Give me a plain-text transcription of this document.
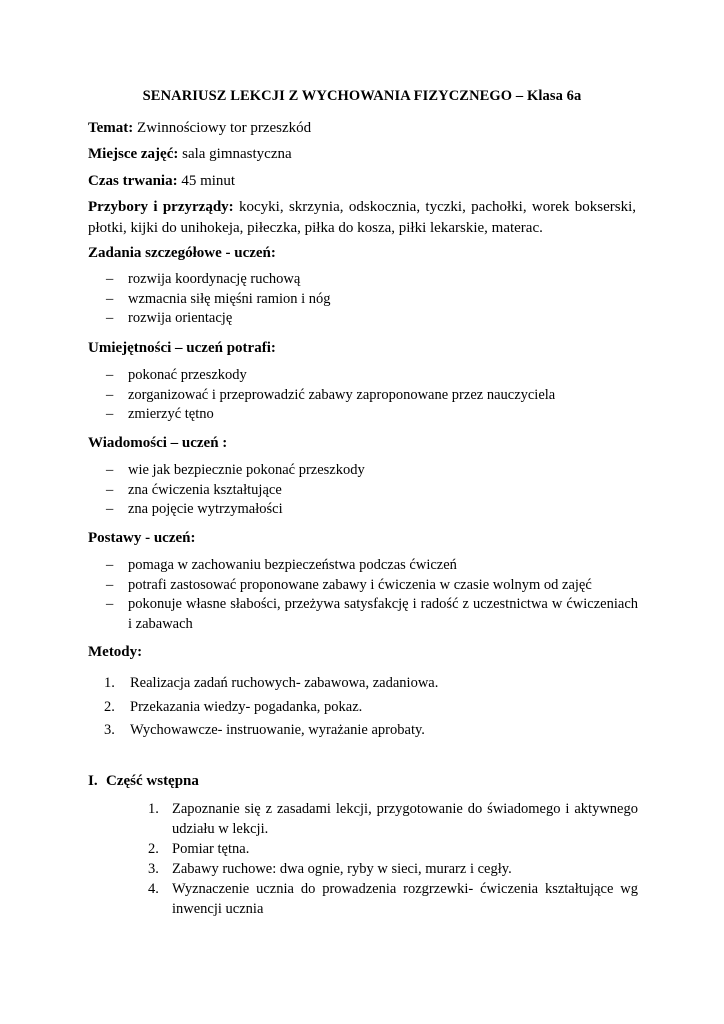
SENARIUSZ LEKCJI Z WYCHOWANIA FIZYCZNEGO – Klasa 6a
Temat: Zwinnościowy tor przeszkód
Miejsce zajęć: sala gimnastyczna
Czas trwania: 45 minut
Przybory i przyrządy: kocyki, skrzynia, odskocznia, tyczki, pachołki, worek bokserski, płotki, kijki do unihokeja, piłeczka, piłka do kosza, piłki lekarskie, materac.
Zadania szczegółowe - uczeń:
– rozwija koordynację ruchową
– wzmacnia siłę mięśni ramion i nóg
– rozwija orientację
Umiejętności – uczeń potrafi:
– pokonać przeszkody
– zorganizować i przeprowadzić zabawy zaproponowane przez nauczyciela
– zmierzyć tętno
Wiadomości – uczeń :
– wie jak bezpiecznie pokonać przeszkody
– zna ćwiczenia kształtujące
– zna pojęcie wytrzymałości
Postawy - uczeń:
– pomaga w zachowaniu bezpieczeństwa podczas ćwiczeń
– potrafi zastosować proponowane zabawy i ćwiczenia w czasie wolnym od zajęć
– pokonuje własne słabości, przeżywa satysfakcję i radość z uczestnictwa w ćwiczeniach i zabawach
Metody:
1. Realizacja zadań ruchowych- zabawowa, zadaniowa.
2. Przekazania wiedzy- pogadanka, pokaz.
3. Wychowawcze- instruowanie, wyrażanie aprobaty.
I. Część wstępna
1. Zapoznanie się z zasadami lekcji, przygotowanie do świadomego i aktywnego udziału w lekcji.
2. Pomiar tętna.
3. Zabawy ruchowe: dwa ognie, ryby w sieci, murarz i cegły.
4. Wyznaczenie ucznia do prowadzenia rozgrzewki- ćwiczenia kształtujące wg inwencji ucznia
